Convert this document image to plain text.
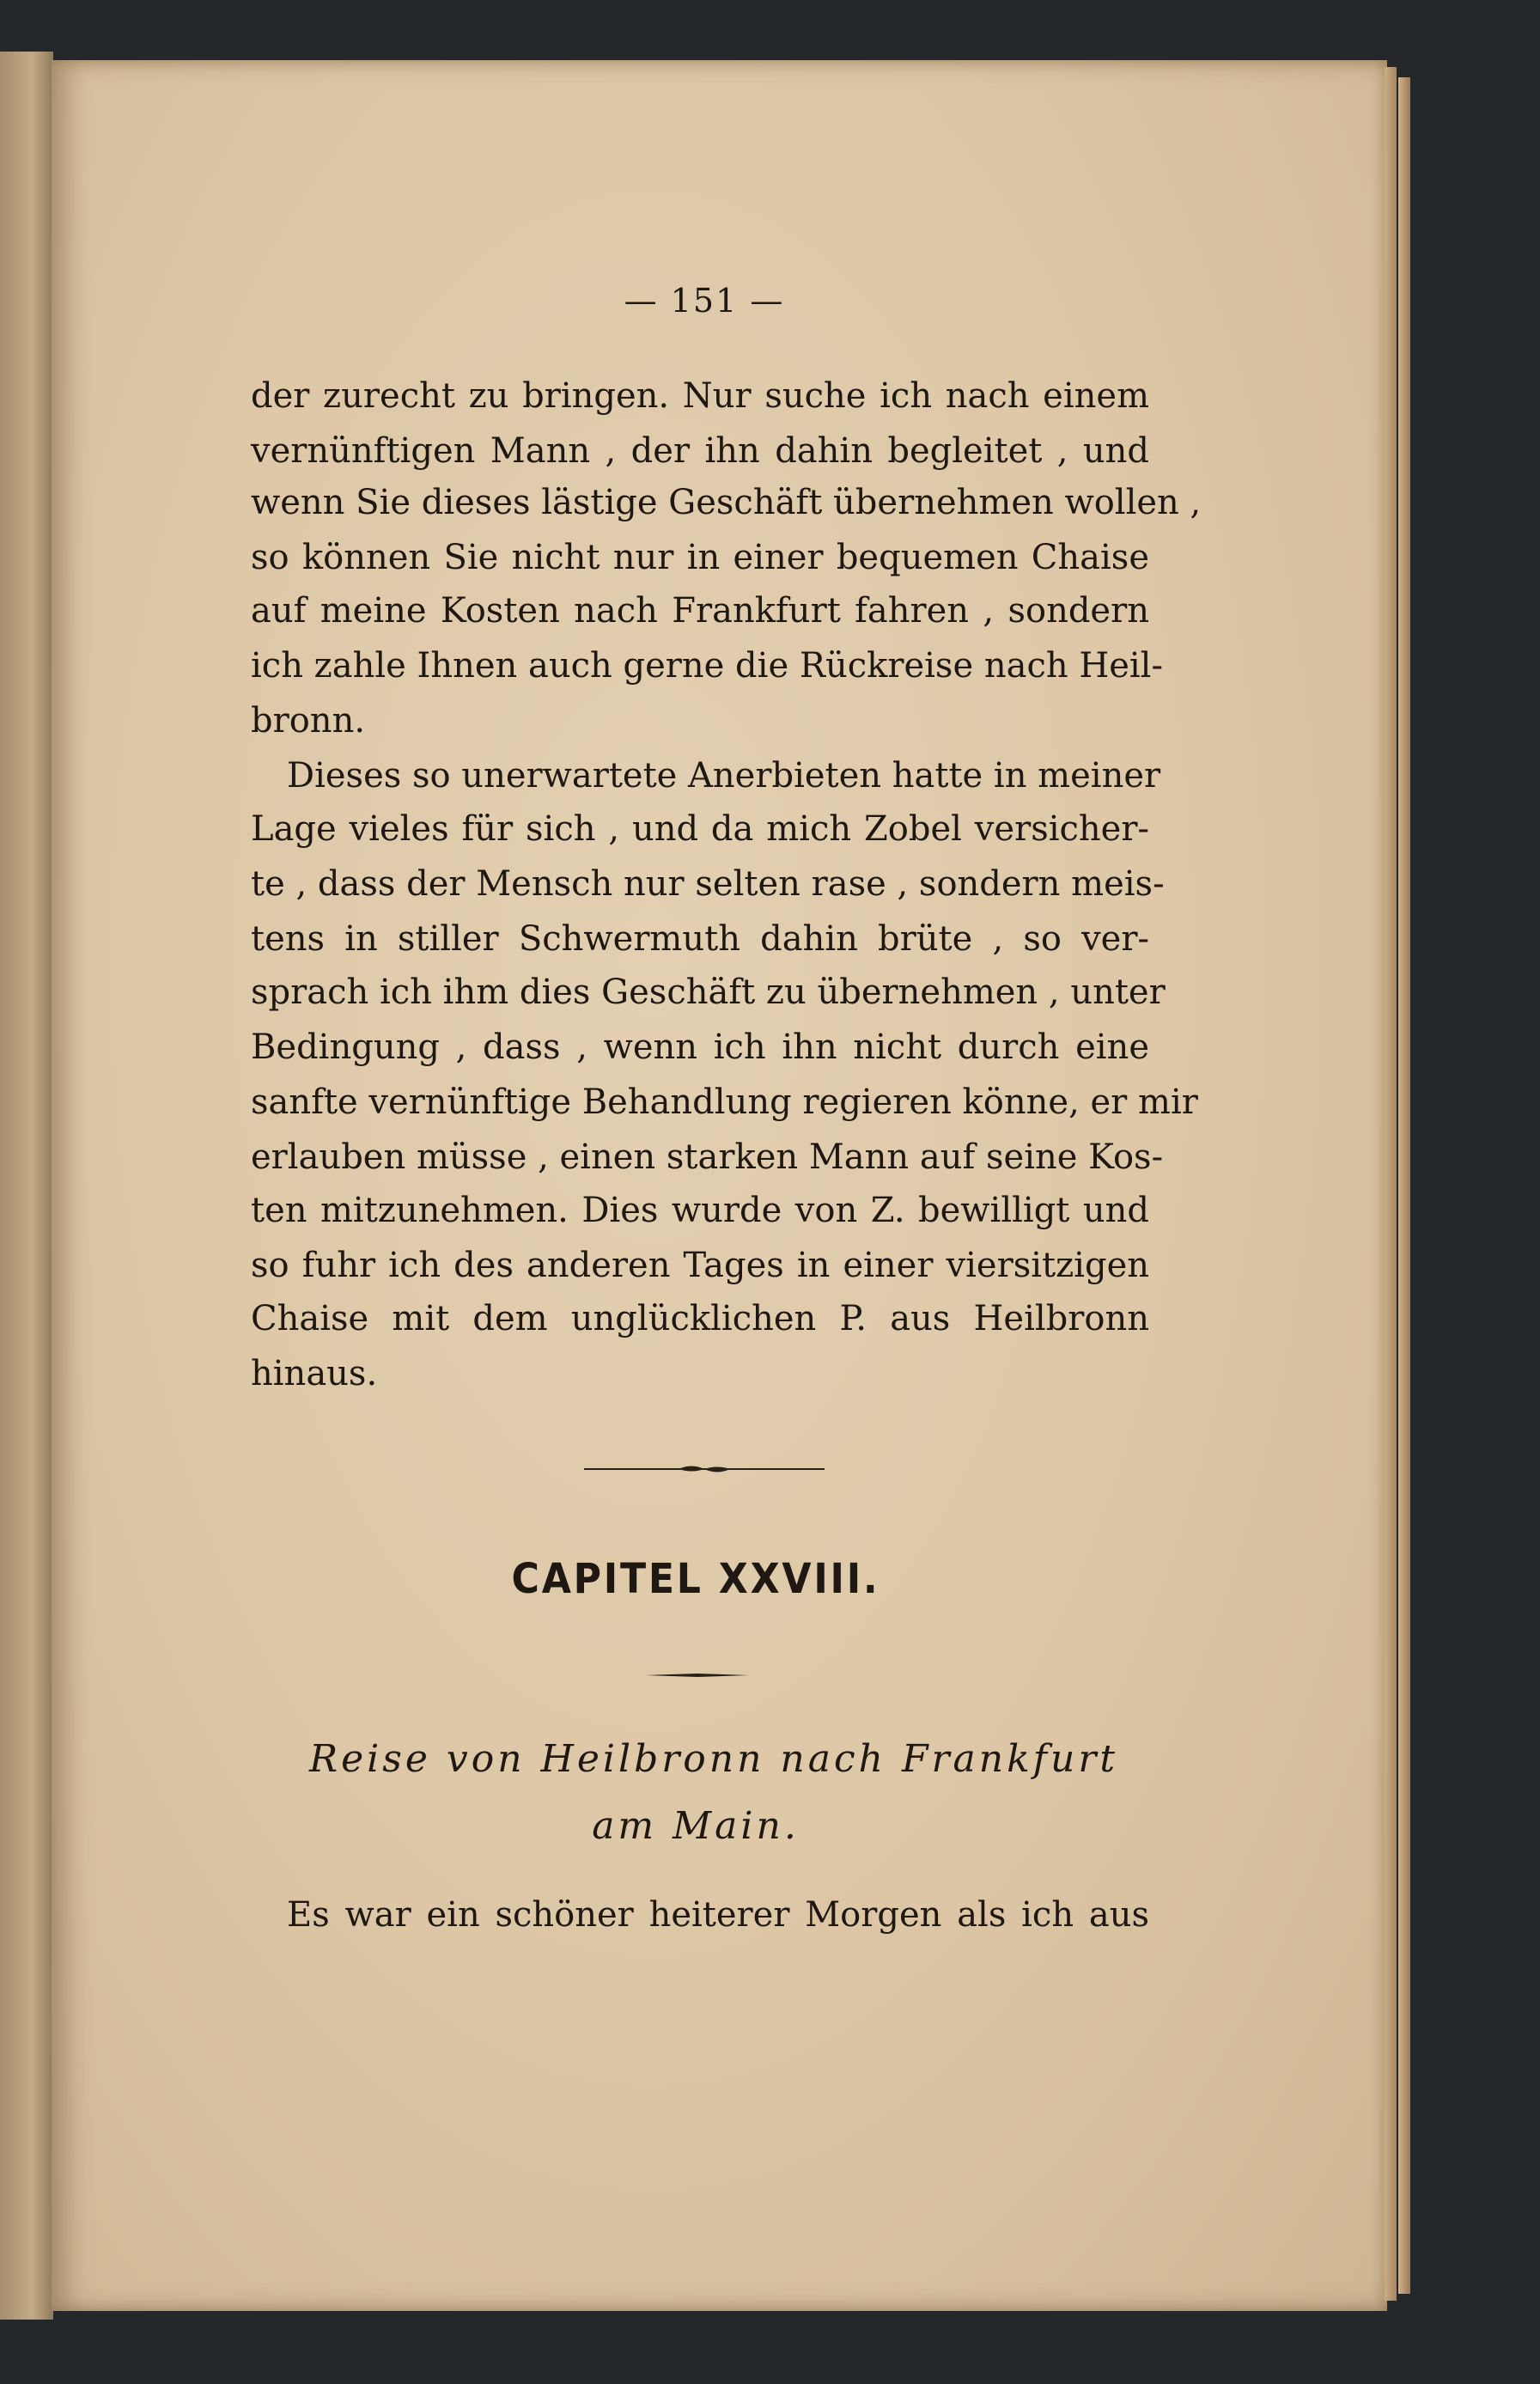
— 151 —
der zurecht zu bringen. Nur suche ich nach einem
vernünftigen Mann , der ihn dahin begleitet , und
wenn Sie dieses lästige Geschäft übernehmen wollen ,
so können Sie nicht nur in einer bequemen Chaise
auf meine Kosten nach Frankfurt fahren , sondern
ich zahle Ihnen auch gerne die Rückreise nach Heil-
bronn.
Dieses so unerwartete Anerbieten hatte in meiner
Lage vieles für sich , und da mich Zobel versicher-
te , dass der Mensch nur selten rase , sondern meis-
tens in stiller Schwermuth dahin brüte , so ver-
sprach ich ihm dies Geschäft zu übernehmen , unter
Bedingung , dass , wenn ich ihn nicht durch eine
sanfte vernünftige Behandlung regieren könne, er mir
erlauben müsse , einen starken Mann auf seine Kos-
ten mitzunehmen. Dies wurde von Z. bewilligt und
so fuhr ich des anderen Tages in einer viersitzigen
Chaise mit dem unglücklichen P. aus Heilbronn
hinaus.
CAPITEL XXVIII.
Reise von Heilbronn nach Frankfurt
am Main.
Es war ein schöner heiterer Morgen als ich aus
